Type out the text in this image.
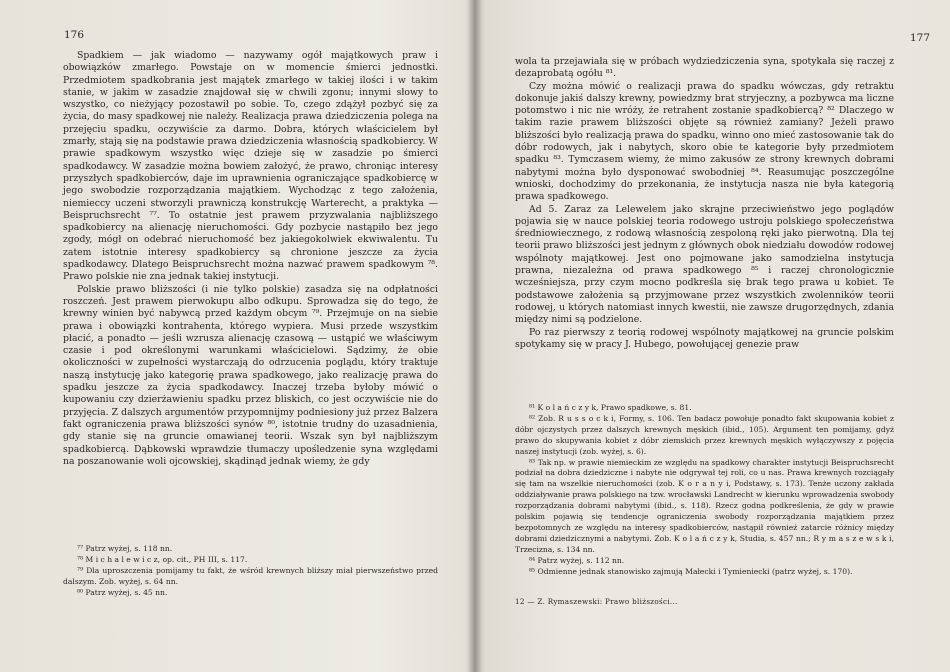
176

Spadkiem — jak wiadomo — nazywamy ogół majątkowych praw i obowiązków zmarłego. Powstaje on w momencie śmierci jednostki. Przedmiotem spadkobrania jest majątek zmarłego w takiej ilości i w takim stanie, w jakim w zasadzie znajdował się w chwili zgonu; innymi słowy to wszystko, co nieżyjący pozostawił po sobie. To, czego zdążył pozbyć się za życia, do masy spadkowej nie należy. Realizacja prawa dziedziczenia polega na przejęciu spadku, oczywiście za darmo. Dobra, których właścicielem był zmarły, stają się na podstawie prawa dziedziczenia własnością spadkobiercy. W prawie spadkowym wszystko więc dzieje się w zasadzie po śmierci spadkodawcy. W zasadzie można bowiem założyć, że prawo, chroniąc interesy przyszłych spadkobierców, daje im uprawnienia ograniczające spadkobiercę w jego swobodzie rozporządzania majątkiem. Wychodząc z tego założenia, niemieccy uczeni stworzyli prawniczą konstrukcję Warterecht, a praktyka — Beispruchsrecht ⁷⁷. To ostatnie jest prawem przyzwalania najbliższego spadkobiercy na alienację nieruchomości. Gdy pozbycie nastąpiło bez jego zgody, mógł on odebrać nieruchomość bez jakiegokolwiek ekwiwalentu. Tu zatem istotnie interesy spadkobiercy są chronione jeszcze za życia spadkodawcy. Dlatego Beispruchsrecht można nazwać prawem spadkowym ⁷⁸. Prawo polskie nie zna jednak takiej instytucji.

Polskie prawo bliższości (i nie tylko polskie) zasadza się na odpłatności roszczeń. Jest prawem pierwokupu albo odkupu. Sprowadza się do tego, że krewny winien być nabywcą przed każdym obcym ⁷⁹. Przejmuje on na siebie prawa i obowiązki kontrahenta, którego wypiera. Musi przede wszystkim płacić, a ponadto — jeśli wzrusza alienację czasową — ustąpić we właściwym czasie i pod określonymi warunkami właścicielowi. Sądzimy, że obie okoliczności w zupełności wystarczają do odrzucenia poglądu, który traktuje naszą instytucję jako kategorię prawa spadkowego, jako realizację prawa do spadku jeszcze za życia spadkodawcy. Inaczej trzeba byłoby mówić o kupowaniu czy dzierżawieniu spadku przez bliskich, co jest oczywiście nie do przyjęcia. Z dalszych argumentów przypomnijmy podniesiony już przez Balzera fakt ograniczenia prawa bliższości synów ⁸⁰, istotnie trudny do uzasadnienia, gdy stanie się na gruncie omawianej teorii. Wszak syn był najbliższym spadkobiercą. Dąbkowski wprawdzie tłumaczy upośledzenie syna względami na poszanowanie woli ojcowskiej, skądinąd jednak wiemy, że gdy

⁷⁷ Patrz wyżej, s. 118 nn.

⁷⁸ M i c h a l e w i c z, op. cit., PH III, s. 117.

⁷⁹ Dla uproszczenia pomijamy tu fakt, że wśród krewnych bliższy miał pierwszeństwo przed dalszym. Zob. wyżej, s. 64 nn.

⁸⁰ Patrz wyżej, s. 45 nn.

177

wola ta przejawiała się w próbach wydziedziczenia syna, spotykała się raczej z dezaprobatą ogółu ⁸¹.

Czy można mówić o realizacji prawa do spadku wówczas, gdy retraktu dokonuje jakiś dalszy krewny, powiedzmy brat stryjeczny, a pozbywca ma liczne potomstwo i nic nie wróży, że retrahent zostanie spadkobiercą? ⁸² Dlaczego w takim razie prawem bliższości objęte są również zamiany? Jeżeli prawo bliższości było realizacją prawa do spadku, winno ono mieć zastosowanie tak do dóbr rodowych, jak i nabytych, skoro obie te kategorie były przedmiotem spadku ⁸³. Tymczasem wiemy, że mimo zakusów ze strony krewnych dobrami nabytymi można było dysponować swobodniej ⁸⁴. Reasumując poszczególne wnioski, dochodzimy do przekonania, że instytucja nasza nie była kategorią prawa spadkowego.

Ad 5. Zaraz za Lelewelem jako skrajne przeciwieństwo jego poglądów pojawia się w nauce polskiej teoria rodowego ustroju polskiego społeczeństwa średniowiecznego, z rodową własnością zespoloną ręki jako pierwotną. Dla tej teorii prawo bliższości jest jednym z głównych obok niedziału dowodów rodowej wspólnoty majątkowej. Jest ono pojmowane jako samodzielna instytucja prawna, niezależna od prawa spadkowego ⁸⁵ i raczej chronologicznie wcześniejsza, przy czym mocno podkreśla się brak tego prawa u kobiet. Te podstawowe założenia są przyjmowane przez wszystkich zwolenników teorii rodowej, u których natomiast innych kwestii, nie zawsze drugorzędnych, zdania między nimi są podzielone.

Po raz pierwszy z teorią rodowej wspólnoty majątkowej na gruncie polskim spotykamy się w pracy J. Hubego, powołującej genezie praw

⁸¹ K o l a ń c z y k, Prawo spadkowe, s. 81.

⁸² Zob. R u s s o c k i, Formy, s. 106. Ten badacz powołuje ponadto fakt skupowania kobiet z dóbr ojczystych przez dalszych krewnych męskich (ibid., 105). Argument ten pomijamy, gdyż prawo do skupywania kobiet z dóbr ziemskich przez krewnych męskich wyłączywszy z pojęcia naszej instytucji (zob. wyżej, s. 6).

⁸³ Tak np. w prawie niemieckim ze względu na spadkowy charakter instytucji Beispruchsrecht podział na dobra dziedziczne i nabyte nie odgrywał tej roli, co u nas. Prawa krewnych rozciągały się tam na wszelkie nieruchomości (zob. K o r a n y i, Podstawy, s. 173). Tenże uczony zakłada oddziaływanie prawa polskiego na tzw. wrocławski Landrecht w kierunku wprowadzenia swobody rozporządzania dobrami nabytymi (ibid., s. 118). Rzecz godna podkreślenia, że gdy w prawie polskim pojawią się tendencje ograniczenia swobody rozporządzania majątkiem przez bezpotomnych ze względu na interesy spadkobierców, nastąpił również zatarcie różnicy między dobrami dziedzicznymi a nabytymi. Zob. K o l a ń c z y k, Studia, s. 457 nn.; R y m a s z e w s k i, Trzecizna, s. 134 nn.

⁸⁴ Patrz wyżej, s. 112 nn.

⁸⁵ Odmienne jednak stanowisko zajmują Małecki i Tymieniecki (patrz wyżej, s. 170).

12 — Z. Rymaszewski: Prawo bliższości...
